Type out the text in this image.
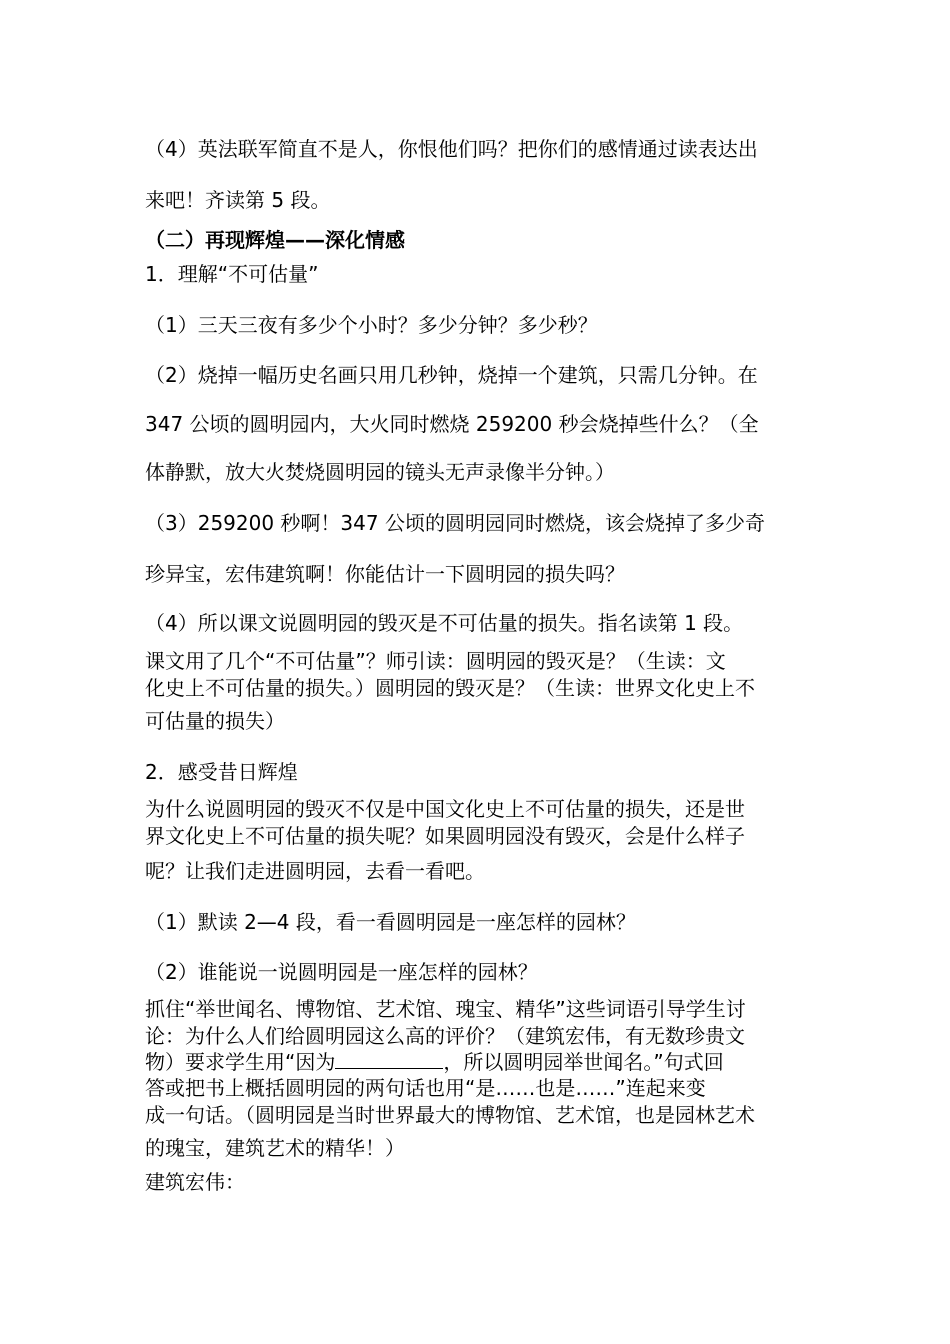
（4）英法联军简直不是人，你恨他们吗？把你们的感情通过读表达出
来吧！齐读第 5 段。
（二）再现辉煌——深化情感
1．理解“不可估量”
（1）三天三夜有多少个小时？多少分钟？多少秒？
（2）烧掉一幅历史名画只用几秒钟，烧掉一个建筑，只需几分钟。在
347 公顷的圆明园内，大火同时燃烧 259200 秒会烧掉些什么？（全
体静默，放大火焚烧圆明园的镜头无声录像半分钟。）
（3）259200 秒啊！347 公顷的圆明园同时燃烧，该会烧掉了多少奇
珍异宝，宏伟建筑啊！你能估计一下圆明园的损失吗？
（4）所以课文说圆明园的毁灭是不可估量的损失。指名读第 1 段。
课文用了几个“不可估量”？师引读：圆明园的毁灭是？（生读：文
化史上不可估量的损失。）圆明园的毁灭是？（生读：世界文化史上不
可估量的损失）
2．感受昔日辉煌
为什么说圆明园的毁灭不仅是中国文化史上不可估量的损失，还是世
界文化史上不可估量的损失呢？如果圆明园没有毁灭，会是什么样子
呢？让我们走进圆明园，去看一看吧。
（1）默读 2—4 段，看一看圆明园是一座怎样的园林？
（2）谁能说一说圆明园是一座怎样的园林？
抓住“举世闻名、博物馆、艺术馆、瑰宝、精华”这些词语引导学生讨
论：为什么人们给圆明园这么高的评价？（建筑宏伟，有无数珍贵文
物）要求学生用“因为	，所以圆明园举世闻名。”句式回
答或把书上概括圆明园的两句话也用“是……也是……”连起来变
成一句话。（圆明园是当时世界最大的博物馆、艺术馆，也是园林艺术
的瑰宝，建筑艺术的精华！）
建筑宏伟：
